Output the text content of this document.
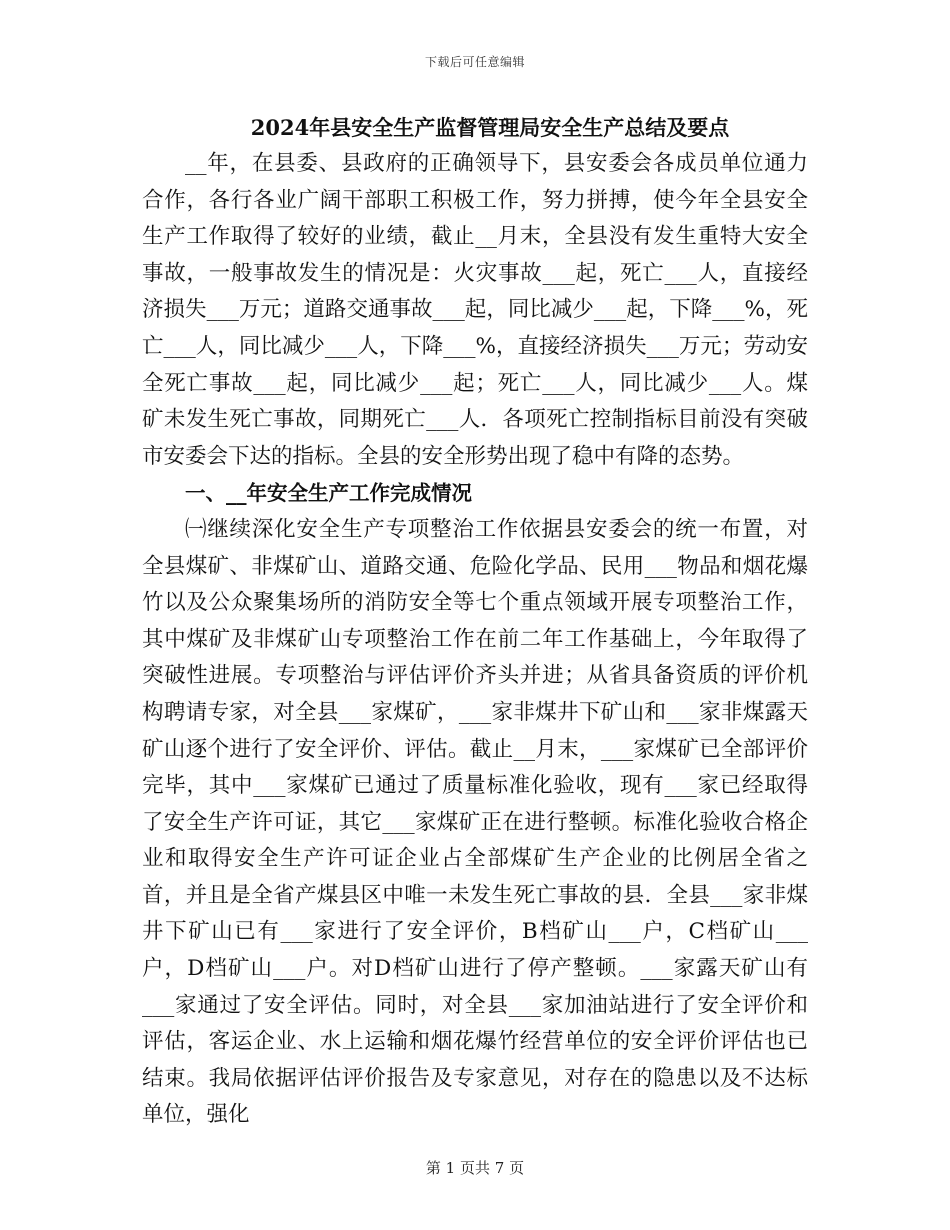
下载后可任意编辑
2024年县安全生产监督管理局安全生产总结及要点

__年，在县委、县政府的正确领导下，县安委会各成员单位通力合作，各行各业广阔干部职工积极工作，努力拼搏，使今年全县安全生产工作取得了较好的业绩，截止__月末，全县没有发生重特大安全事故，一般事故发生的情况是：火灾事故___起，死亡___人，直接经济损失___万元；道路交通事故___起，同比减少___起，下降___%，死亡___人，同比减少___人，下降___%，直接经济损失___万元；劳动安全死亡事故___起，同比减少___起；死亡___人，同比减少___人。煤矿未发生死亡事故，同期死亡___人．各项死亡控制指标目前没有突破市安委会下达的指标。全县的安全形势出现了稳中有降的态势。

一、__年安全生产工作完成情况

㈠继续深化安全生产专项整治工作依据县安委会的统一布置，对全县煤矿、非煤矿山、道路交通、危险化学品、民用___物品和烟花爆竹以及公众聚集场所的消防安全等七个重点领域开展专项整治工作，其中煤矿及非煤矿山专项整治工作在前二年工作基础上，今年取得了突破性进展。专项整治与评估评价齐头并进；从省具备资质的评价机构聘请专家，对全县___家煤矿，___家非煤井下矿山和___家非煤露天矿山逐个进行了安全评价、评估。截止__月末，___家煤矿已全部评价完毕，其中___家煤矿已通过了质量标准化验收，现有___家已经取得了安全生产许可证，其它___家煤矿正在进行整顿。标准化验收合格企业和取得安全生产许可证企业占全部煤矿生产企业的比例居全省之首，并且是全省产煤县区中唯一未发生死亡事故的县．全县___家非煤井下矿山已有___家进行了安全评价，B档矿山___户，C档矿山___户，D档矿山___户。对D档矿山进行了停产整顿。___家露天矿山有___家通过了安全评估。同时，对全县___家加油站进行了安全评价和评估，客运企业、水上运输和烟花爆竹经营单位的安全评价评估也已结束。我局依据评估评价报告及专家意见，对存在的隐患以及不达标单位，强化

第 1 页共 7 页
